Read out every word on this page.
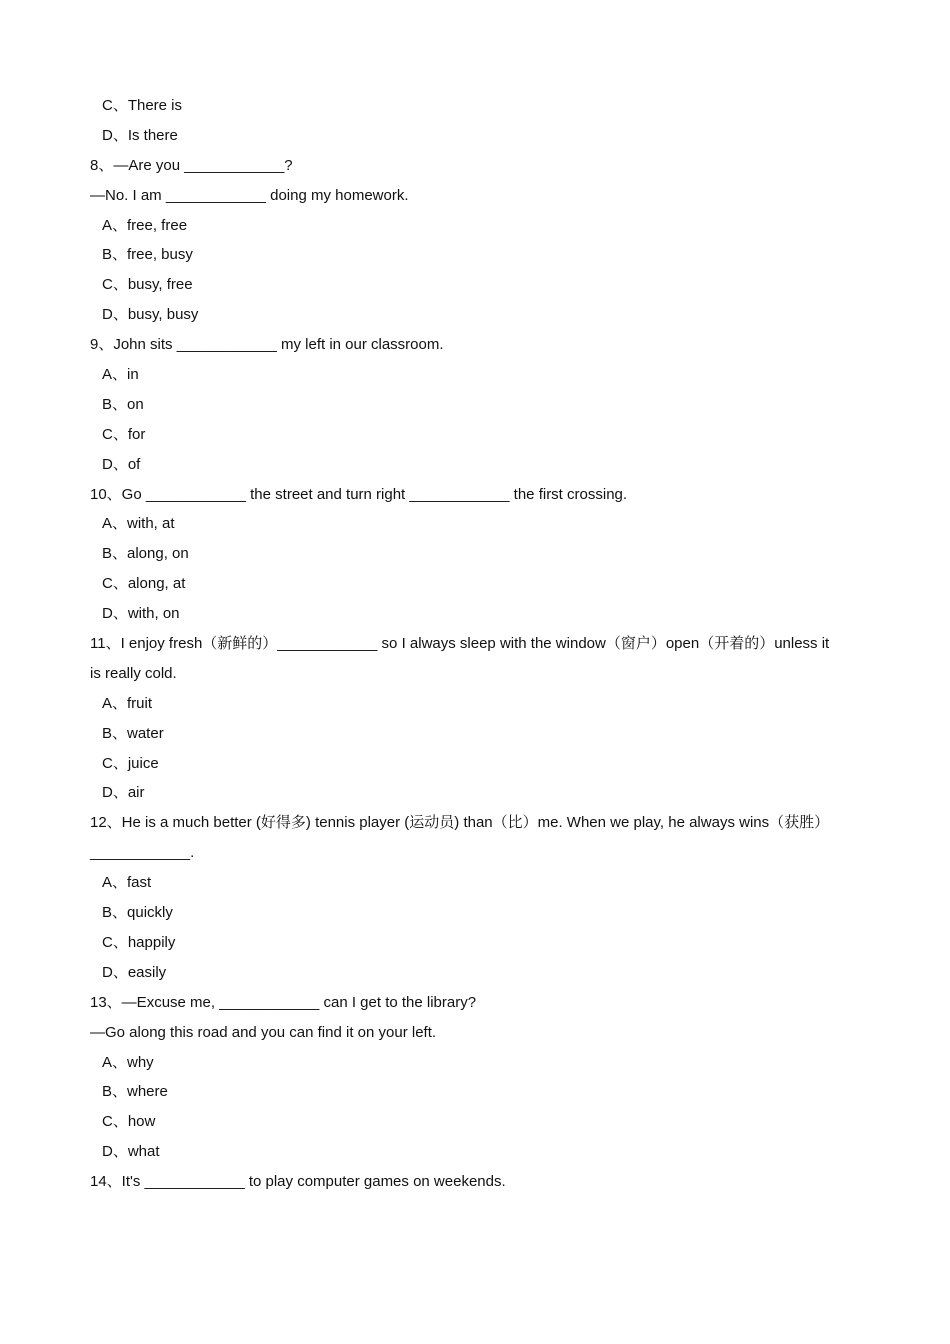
C、There is
D、Is there
8、—Are you ____________?
—No. I am ____________ doing my homework.
A、free, free
B、free, busy
C、busy, free
D、busy, busy
9、John sits ____________ my left in our classroom.
A、in
B、on
C、for
D、of
10、Go ____________ the street and turn right ____________ the first crossing.
A、with, at
B、along, on
C、along, at
D、with, on
11、I enjoy fresh（新鲜的）____________ so I always sleep with the window（窗户）open（开着的）unless it
is really cold.
A、fruit
B、water
C、juice
D、air
12、He is a much better (好得多) tennis player (运动员) than（比）me. When we play, he always wins（获胜）
____________.
A、fast
B、quickly
C、happily
D、easily
13、—Excuse me, ____________ can I get to the library?
—Go along this road and you can find it on your left.
A、why
B、where
C、how
D、what
14、It's ____________ to play computer games on weekends.
